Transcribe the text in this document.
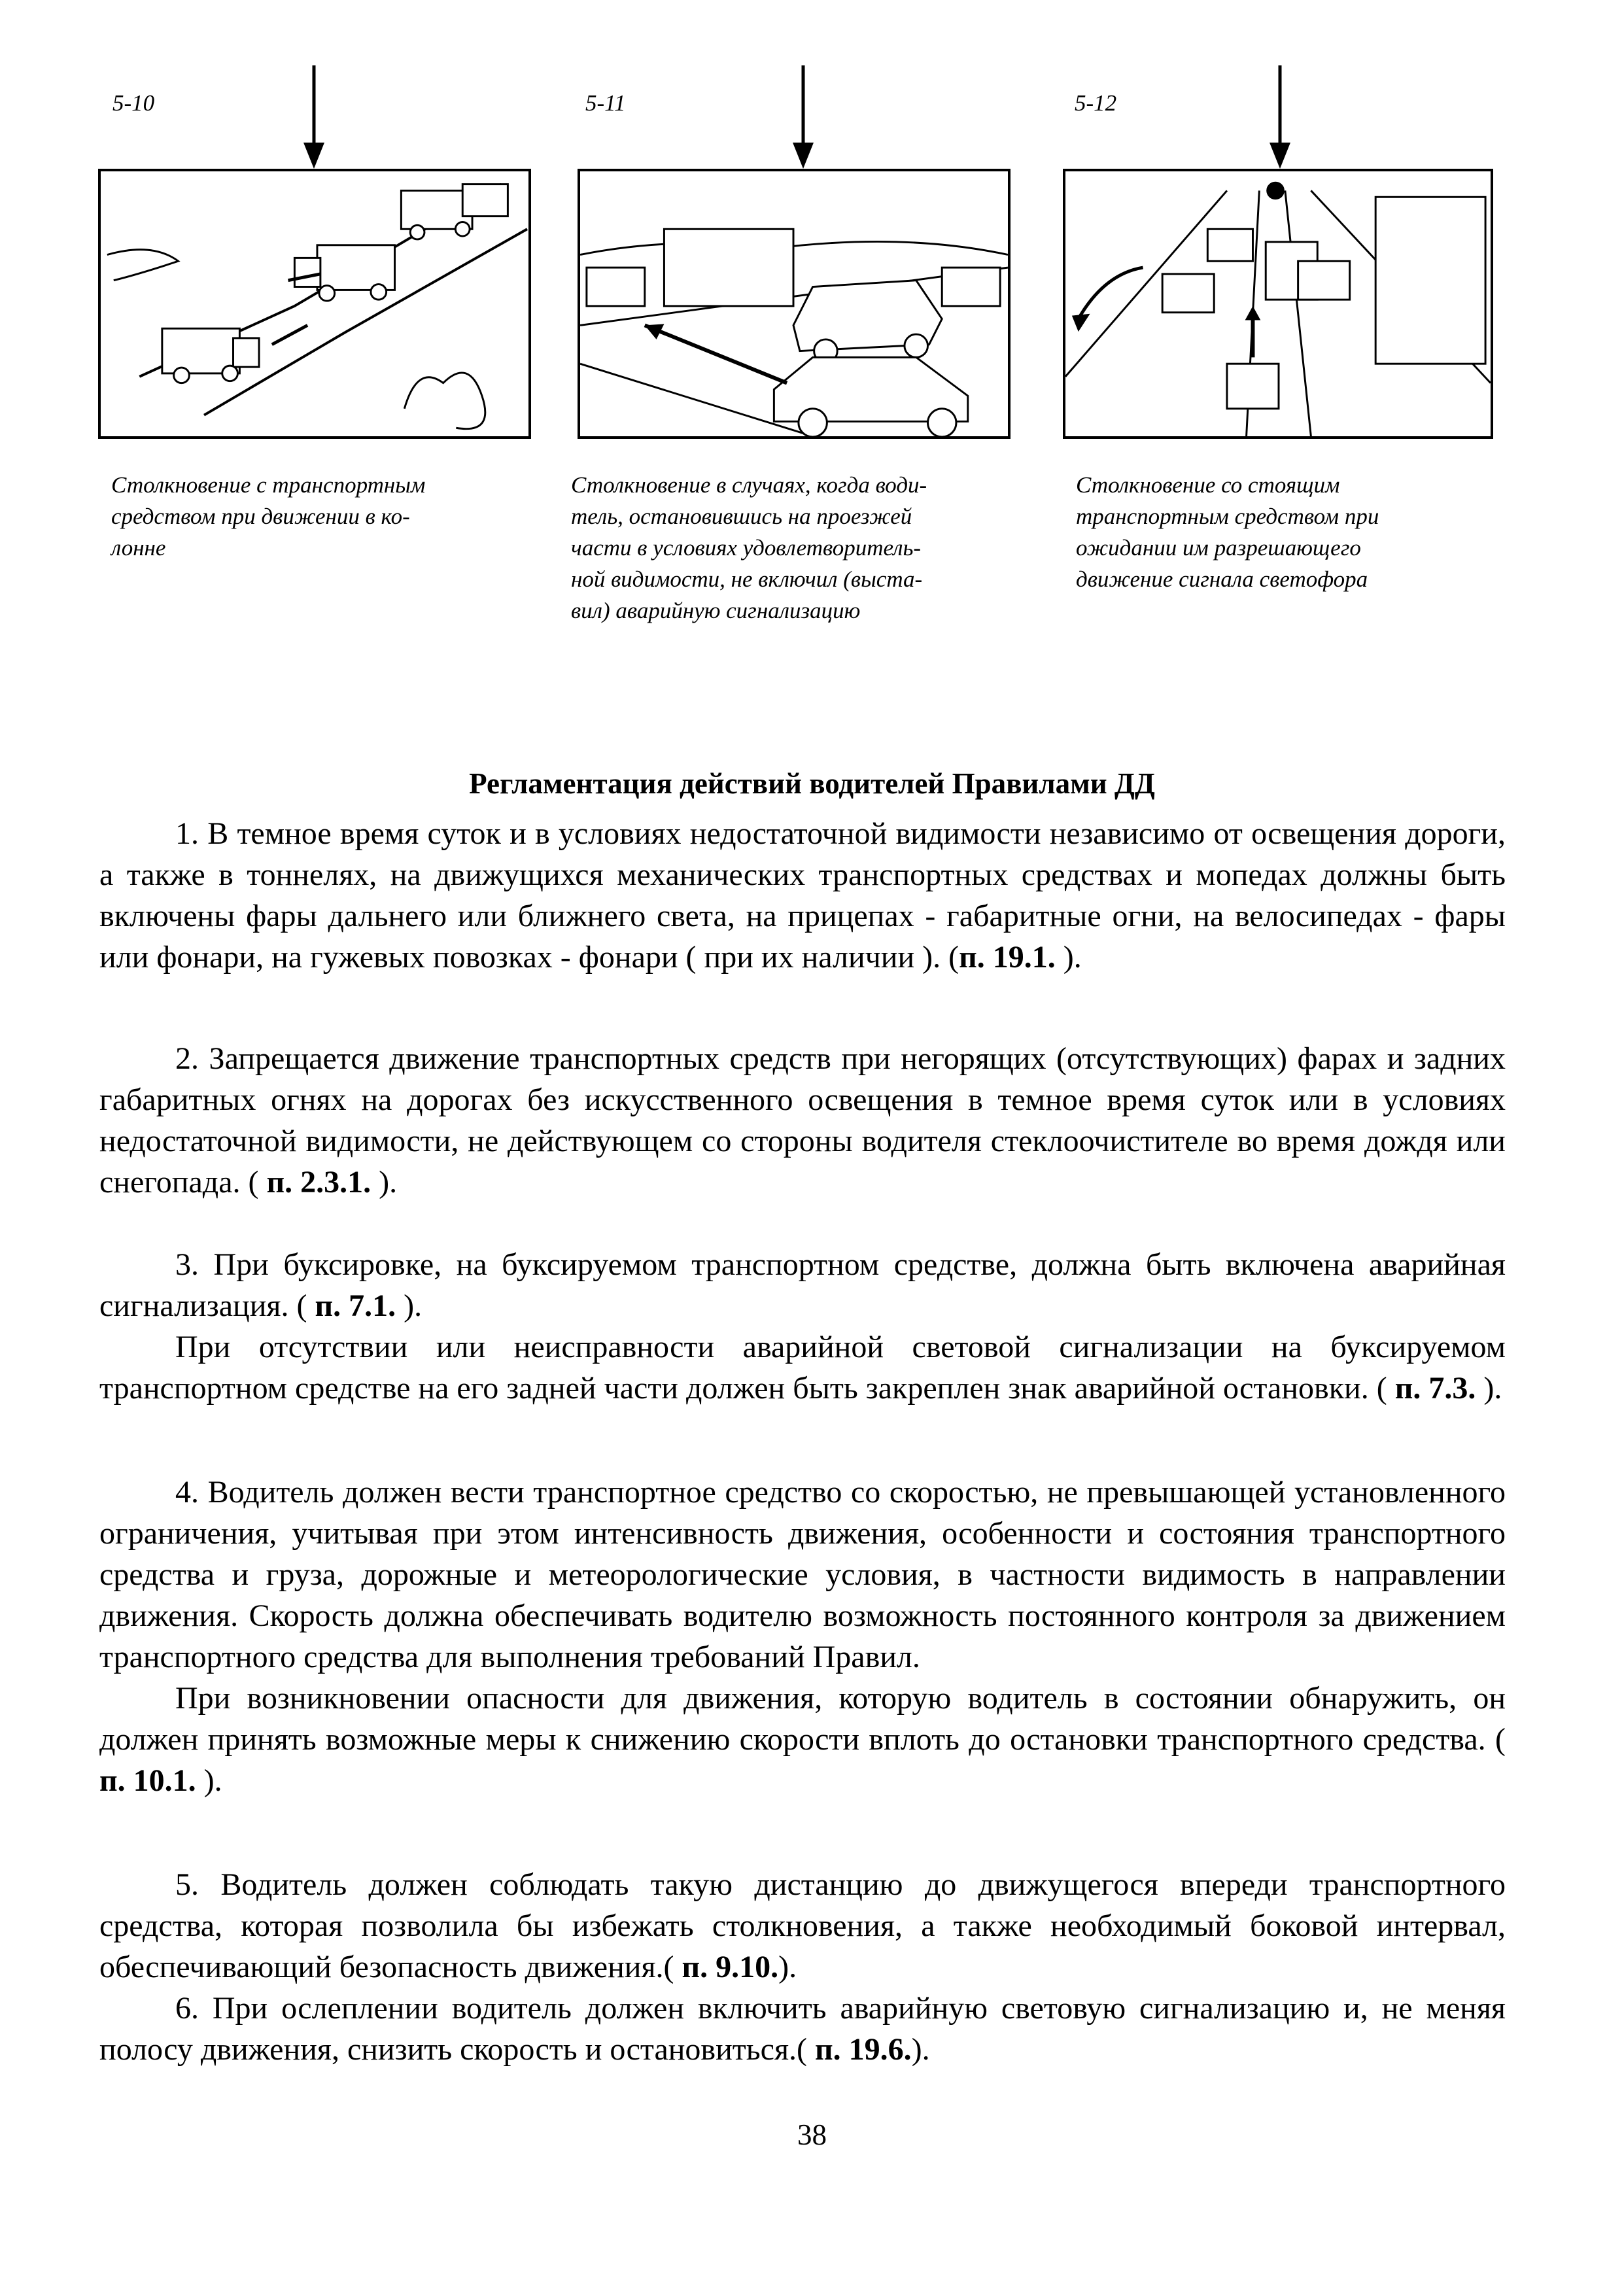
5-10	5-11	5-12
Столкновение с транспортным
средством при движении в ко-
лонне
Столкновение в случаях, когда води-
тель, остановившись на проезжей
части в условиях удовлетворитель-
ной видимости, не включил (выста-
вил) аварийную сигнализацию
Столкновение со стоящим
транспортным средством при
ожидании им разрешающего
движение сигнала светофора
Регламентация действий водителей Правилами ДД

1. В темное время суток и в условиях недостаточной видимости независимо от освещения дороги, а также в тоннелях, на движущихся механических транспортных средствах и мопедах должны быть включены фары дальнего или ближнего света, на прицепах - габаритные огни, на велосипедах - фары или фонари, на гужевых повозках - фонари ( при их наличии ). (п. 19.1. ).

2. Запрещается движение транспортных средств при негорящих (отсутствующих) фарах и задних габаритных огнях на дорогах без искусственного освещения в темное время суток или в условиях недостаточной видимости, не действующем со стороны водителя стеклоочистителе во время дождя или снегопада. ( п. 2.3.1. ).

3. При буксировке, на буксируемом транспортном средстве, должна быть включена аварийная сигнализация. ( п. 7.1. ).

При отсутствии или неисправности аварийной световой сигнализации на буксируемом транспортном средстве на его задней части должен быть закреплен знак аварийной остановки. ( п. 7.3. ).

4. Водитель должен вести транспортное средство со скоростью, не превышающей установленного ограничения, учитывая при этом интенсивность движения, особенности и состояния транспортного средства и груза, дорожные и метеорологические условия, в частности видимость в направлении движения. Скорость должна обеспечивать водителю возможность постоянного контроля за движением транспортного средства для выполнения требований Правил.

При возникновении опасности для движения, которую водитель в состоянии обнаружить, он должен принять возможные меры к снижению скорости вплоть до остановки транспортного средства. ( п. 10.1. ).

5. Водитель должен соблюдать такую дистанцию до движущегося впереди транспортного средства, которая позволила бы избежать столкновения, а также необходимый боковой интервал, обеспечивающий безопасность движения.( п. 9.10.).

6. При ослеплении водитель должен включить аварийную световую сигнализацию и, не меняя полосу движения, снизить скорость и остановиться.( п. 19.6.).

38
